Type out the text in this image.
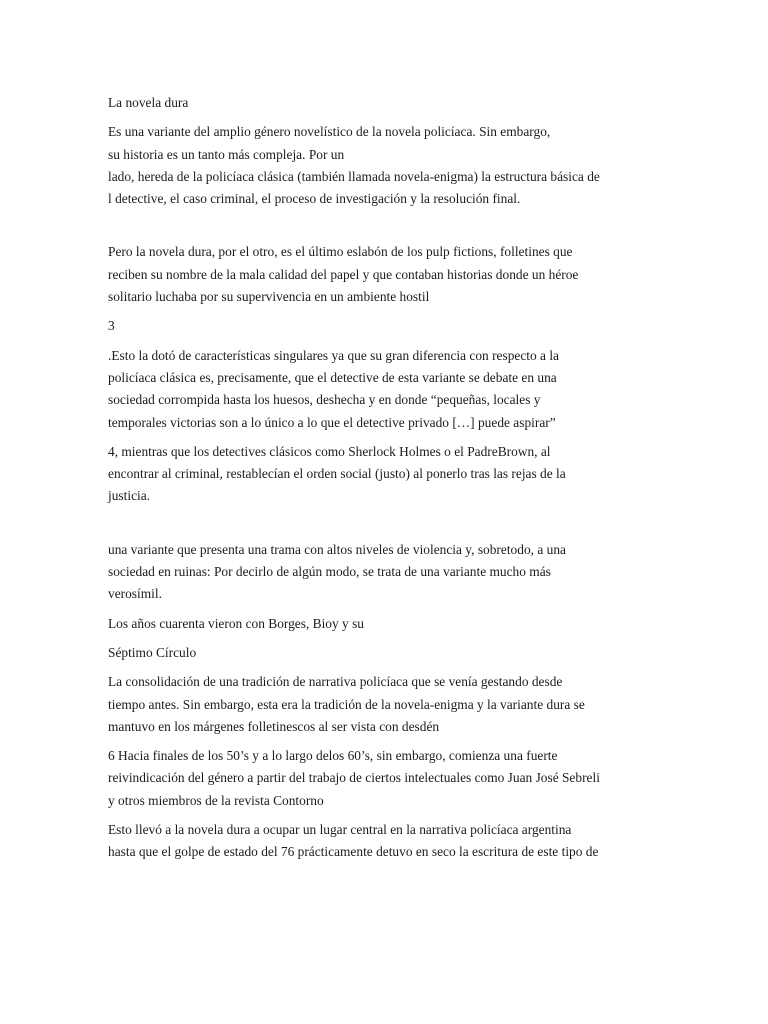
La novela dura
Es una variante del amplio género novelístico de la novela policíaca. Sin embargo,
su historia es un tanto más compleja. Por un
lado, hereda de la policíaca clásica (también llamada novela-enigma) la estructura básica de
l detective, el caso criminal, el proceso de investigación y la resolución final.
Pero la novela dura, por el otro, es el último eslabón de los pulp fictions, folletines que
reciben su nombre de la mala calidad del papel y que contaban historias donde un héroe
solitario luchaba por su supervivencia en un ambiente hostil
3
.Esto la dotó de características singulares ya que su gran diferencia con respecto a la
policíaca clásica es, precisamente, que el detective de esta variante se debate en una
sociedad corrompida hasta los huesos, deshecha y en donde “pequeñas, locales y
temporales victorias son a lo único a lo que el detective privado […] puede aspirar”
4, mientras que los detectives clásicos como Sherlock Holmes o el PadreBrown, al
encontrar al criminal, restablecían el orden social (justo) al ponerlo tras las rejas de la
justicia.
una variante que presenta una trama con altos niveles de violencia y, sobretodo, a una
sociedad en ruinas: Por decirlo de algún modo, se trata de una variante mucho más
verosímil.
Los años cuarenta vieron con Borges, Bioy y su
Séptimo Círculo
La consolidación de una tradición de narrativa policíaca que se venía gestando desde
tiempo antes. Sin embargo, esta era la tradición de la novela-enigma y la variante dura se
mantuvo en los márgenes folletinescos al ser vista con desdén
6 Hacia finales de los 50’s y a lo largo delos 60’s, sin embargo, comienza una fuerte
reivindicación del género a partir del trabajo de ciertos intelectuales como Juan José Sebreli
y otros miembros de la revista Contorno
Esto llevó a la novela dura a ocupar un lugar central en la narrativa policíaca argentina
hasta que el golpe de estado del 76 prácticamente detuvo en seco la escritura de este tipo de
